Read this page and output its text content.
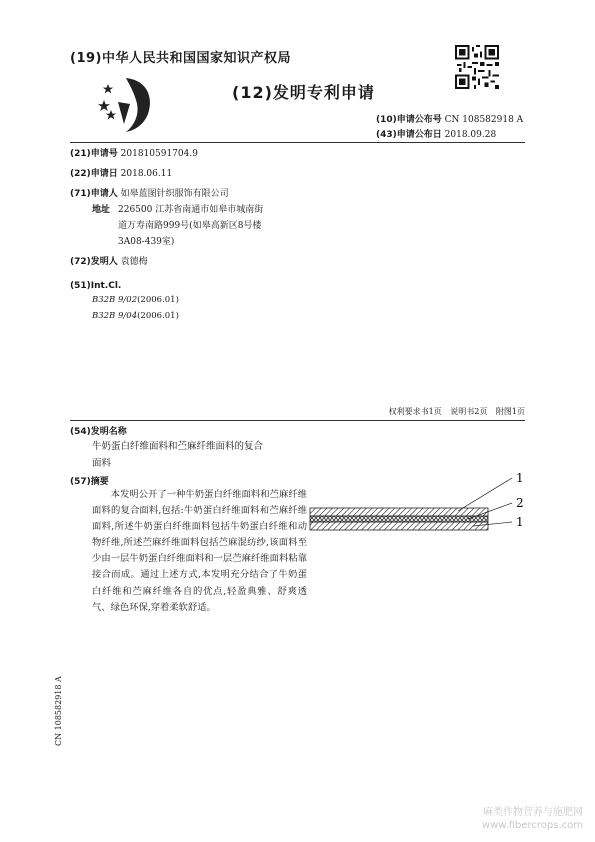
(19)中华人民共和国国家知识产权局
(12)发明专利申请
(10)申请公布号 CN 108582918 A
(43)申请公布日 2018.09.28
(21)申请号 201810591704.9
(22)申请日 2018.06.11
(71)申请人 如皋蓝图针织服饰有限公司
地址 226500 江苏省南通市如皋市城南街
道万寿南路999号(如皋高新区8号楼
3A08-439室)
(72)发明人 袁德梅
(51)Int.Cl.
B32B 9/02(2006.01)
B32B 9/04(2006.01)
权利要求书1页 说明书2页 附图1页
(54)发明名称
牛奶蛋白纤维面料和苎麻纤维面料的复合
面料
(57)摘要
本发明公开了一种牛奶蛋白纤维面料和苎麻纤维面料的复合面料,包括:牛奶蛋白纤维面料和苎麻纤维面料,所述牛奶蛋白纤维面料包括牛奶蛋白纤维和动物纤维,所述苎麻纤维面料包括苎麻混纺纱,该面料至少由一层牛奶蛋白纤维面料和一层苎麻纤维面料粘靠接合而成。通过上述方式,本发明充分结合了牛奶蛋白纤维和苎麻纤维各自的优点,轻盈典雅、舒爽透气、绿色环保,穿着柔软舒适。
1
2
1
CN 108582918 A
麻类作物营养与施肥网
www.fibercrops.com
